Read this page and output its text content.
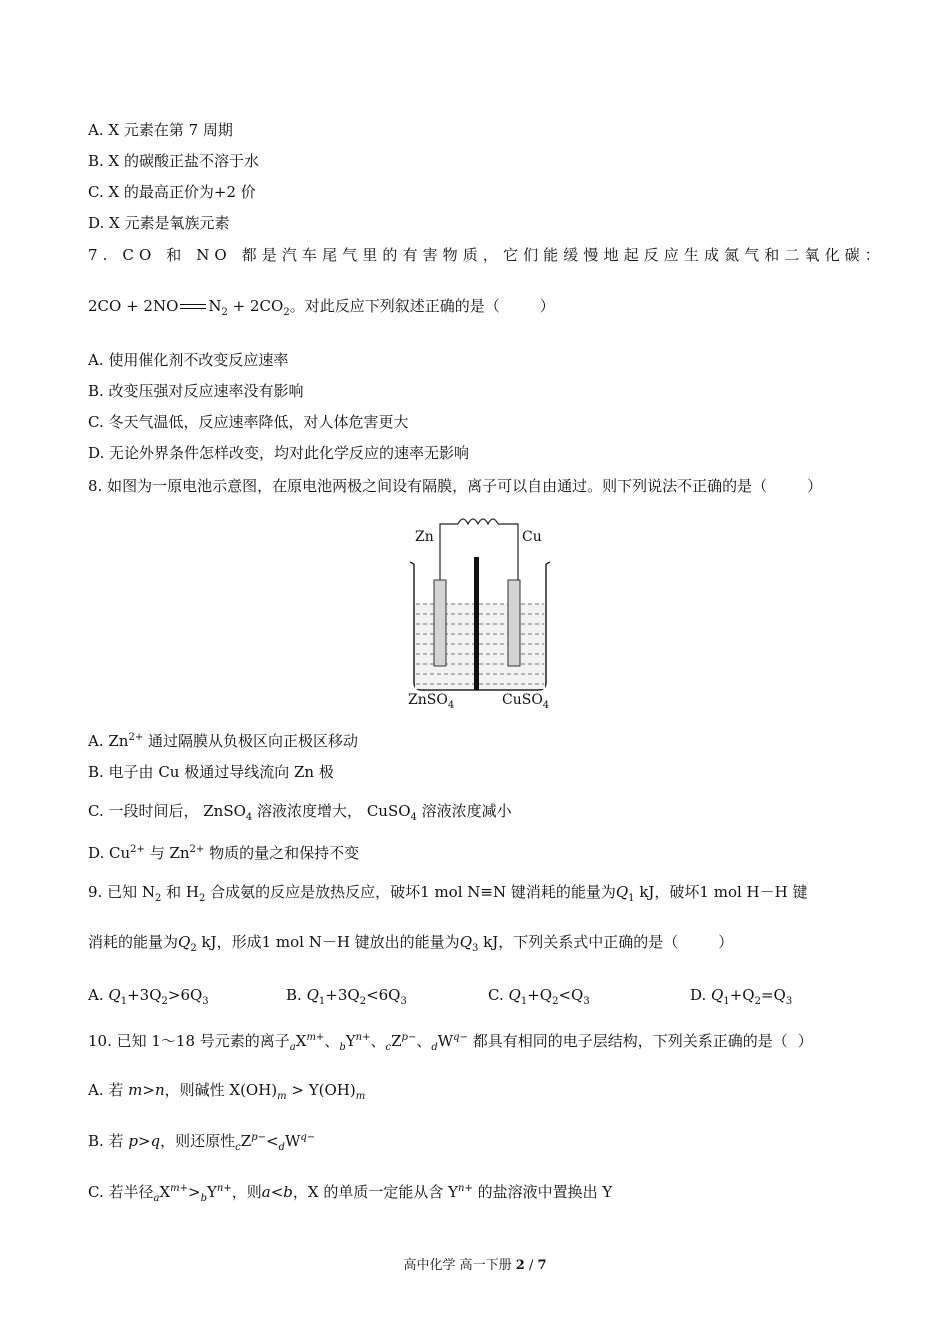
A. X 元素在第 7 周期
B. X 的碳酸正盐不溶于水
C. X 的最高正价为+2 价
D. X 元素是氧族元素
7. CO 和 NO 都是汽车尾气里的有害物质，它们能缓慢地起反应生成氮气和二氧化碳：
2CO + 2NO $N_2 + 2CO_2$。对此反应下列叙述正确的是（	）
A. 使用催化剂不改变反应速率
B. 改变压强对反应速率没有影响
C. 冬天气温低，反应速率降低，对人体危害更大
D. 无论外界条件怎样改变，均对此化学反应的速率无影响
8. 如图为一原电池示意图，在原电池两极之间设有隔膜，离子可以自由通过。则下列说法不正确的是（	）
Zn	Cu
ZnSO$_4$	CuSO$_4$
A. $Zn^{2+}$ 通过隔膜从负极区向正极区移动
B. 电子由 Cu 极通过导线流向 Zn 极
C. 一段时间后， ZnSO$_4$ 溶液浓度增大， CuSO$_4$ 溶液浓度减小
D. $Cu^{2+}$ 与 $Zn^{2+}$ 物质的量之和保持不变
9. 已知 $N_2$ 和 $H_2$ 合成氨的反应是放热反应，破坏1 mol N≡N 键消耗的能量为$Q_1$ kJ，破坏1 mol H－H 键
消耗的能量为$Q_2$ kJ，形成1 mol N－H 键放出的能量为$Q_3$ kJ，下列关系式中正确的是（	）
A. $Q_1+3Q_2>6Q_3$	B. $Q_1+3Q_2<6Q_3$	C. $Q_1+Q_2<Q_3$	D. $Q_1+Q_2=Q_3$
10. 已知 1～18 号元素的离子$_aX^{m+}$、$_bY^{n+}$、$_cZ^{p-}$、$_dW^{q-}$ 都具有相同的电子层结构，下列关系正确的是（ ）
A. 若 m>n，则碱性 $X(OH)_m > Y(OH)_m$
B. 若 p>q，则还原性$_cZ^{p-}<_dW^{q-}$
C. 若半径$_aX^{m+}>_bY^{n+}$，则a<b，X 的单质一定能从含 $Y^{n+}$ 的盐溶液中置换出 Y
高中化学 高一下册 2 / 7
